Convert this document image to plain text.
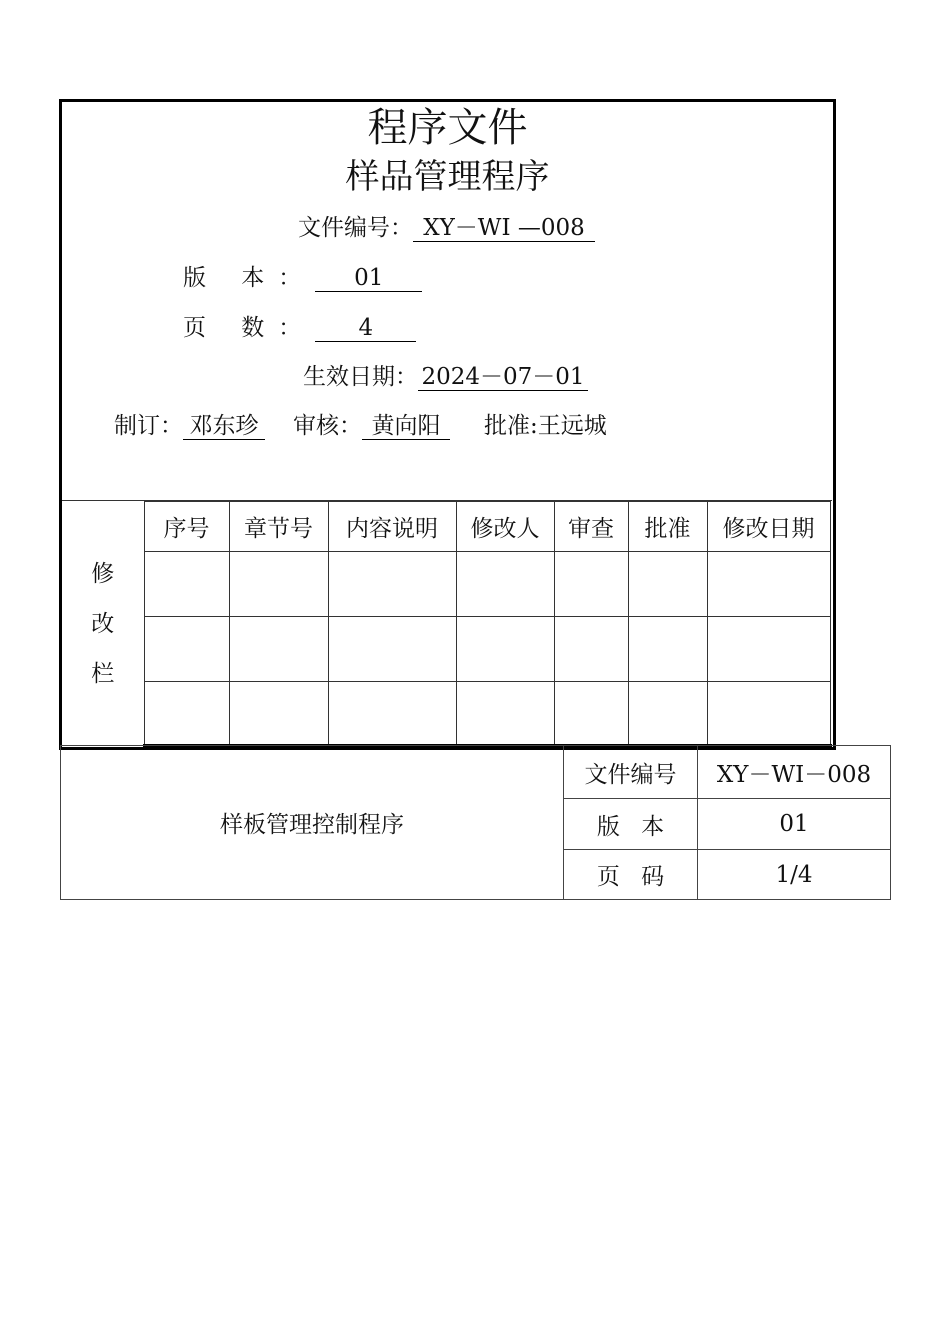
程序文件
样品管理程序
文件编号： XY－WI —008
版 本： 01
页 数： 4
生效日期： 2024－07－01
制订： 邓东珍 审核： 黄向阳 批准:王远城
修
改
栏	序号	章节号	内容说明	修改人	审查	批准	修改日期

样板管理控制程序	文件编号	XY－WI－008
	版 本	01
	页 码	1/4
